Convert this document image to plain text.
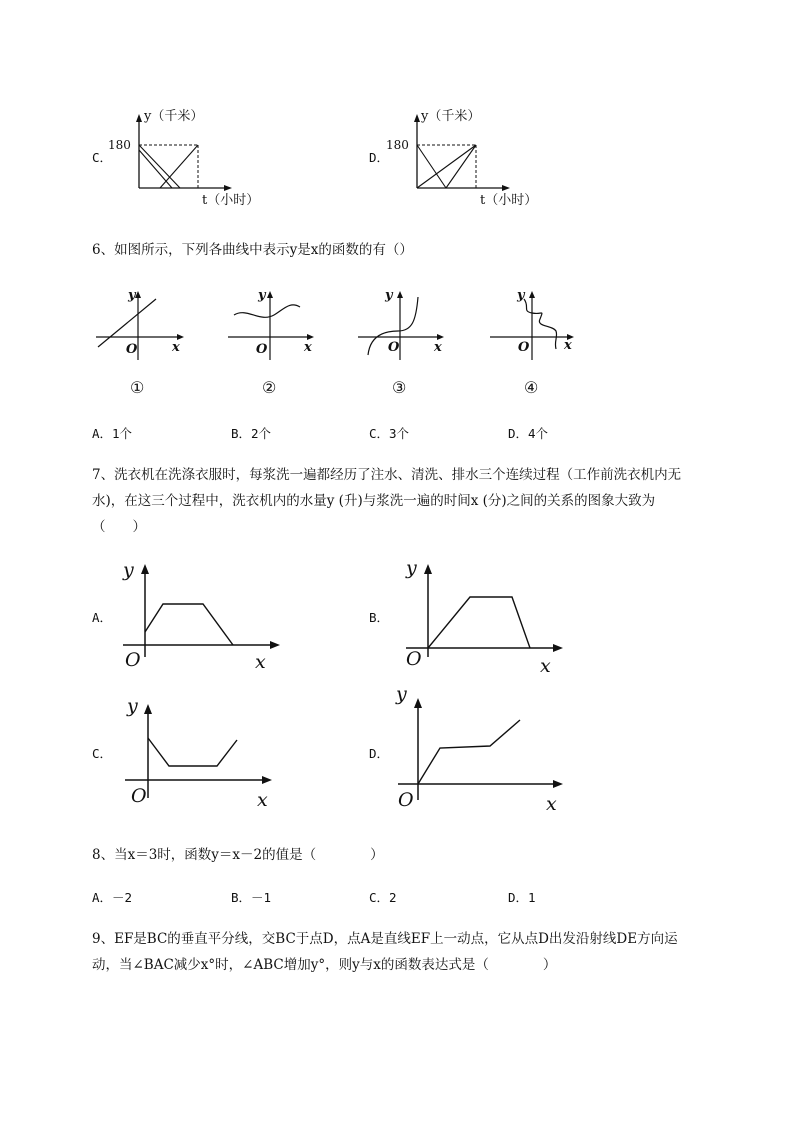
C．
y（千米）
180
t（小时）
D．
y（千米）
180
t（小时）
6、如图所示，下列各曲线中表示y是x的函数的有（）
y
x
O
①
y
x
O
②
y
x
O
③
y
x
O
④
A．1个	B．2个	C．3个	D．4个
7、洗衣机在洗涤衣服时，每浆洗一遍都经历了注水、清洗、排水三个连续过程（工作前洗衣机内无
水)，在这三个过程中，洗衣机内的水量y (升)与浆洗一遍的时间x (分)之间的关系的图象大致为
（　　）
A．
y
x
O
B．
y
x
O
C．
y
x
O
D．
y
x
O
8、当x＝3时，函数y＝x－2的值是（　　　　）
A．－2	B．－1	C．2	D．1
9、EF是BC的垂直平分线，交BC于点D，点A是直线EF上一动点，它从点D出发沿射线DE方向运
动，当∠BAC减少x°时，∠ABC增加y°，则y与x的函数表达式是（　　　　）
